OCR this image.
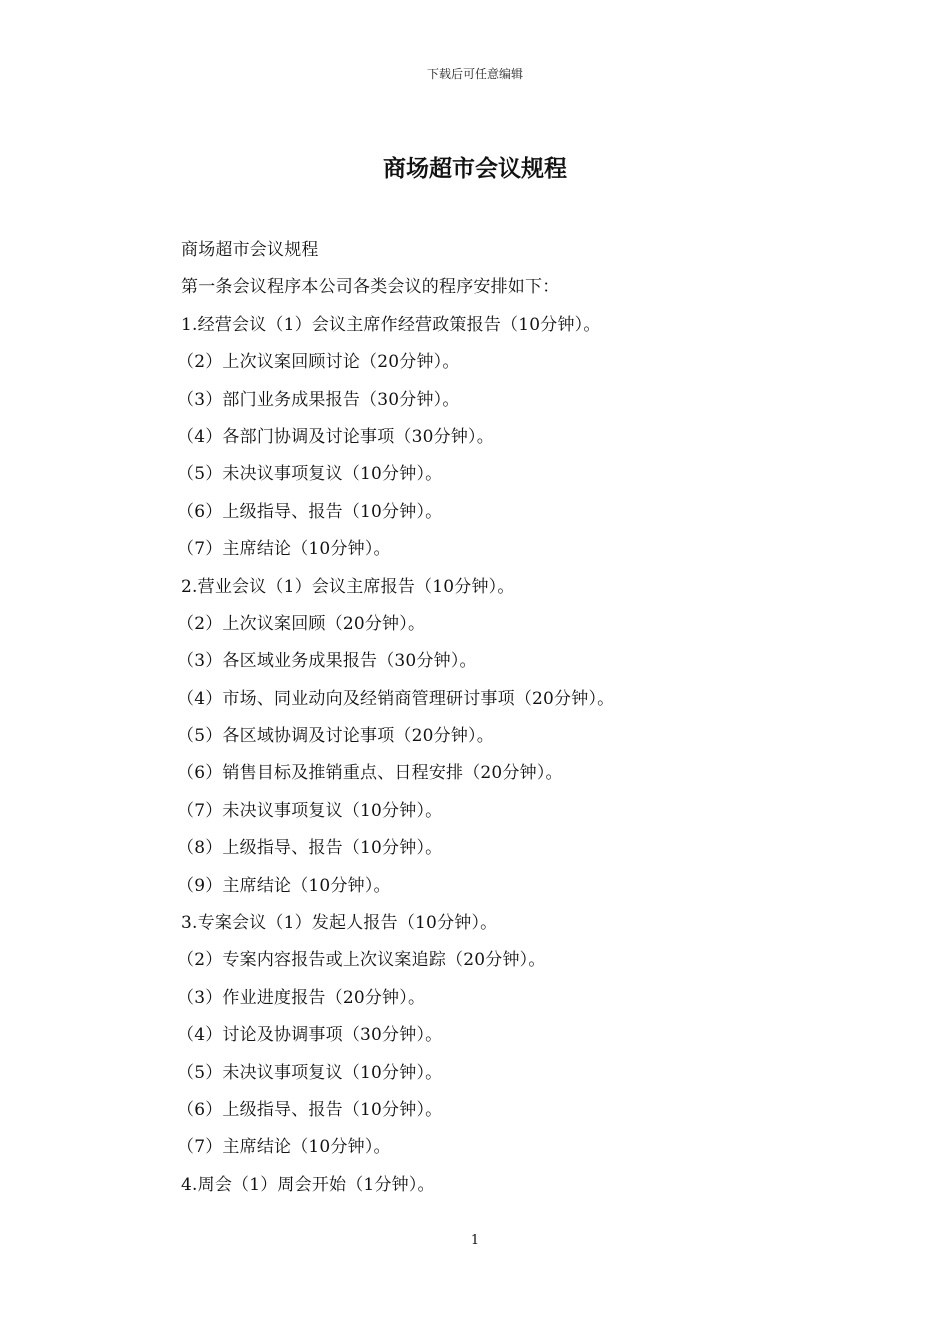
下载后可任意编辑
商场超市会议规程
商场超市会议规程
第一条会议程序本公司各类会议的程序安排如下：
1.经营会议（1）会议主席作经营政策报告（10分钟）。
（2）上次议案回顾讨论（20分钟）。
（3）部门业务成果报告（30分钟）。
（4）各部门协调及讨论事项（30分钟）。
（5）未决议事项复议（10分钟）。
（6）上级指导、报告（10分钟）。
（7）主席结论（10分钟）。
2.营业会议（1）会议主席报告（10分钟）。
（2）上次议案回顾（20分钟）。
（3）各区域业务成果报告（30分钟）。
（4）市场、同业动向及经销商管理研讨事项（20分钟）。
（5）各区域协调及讨论事项（20分钟）。
（6）销售目标及推销重点、日程安排（20分钟）。
（7）未决议事项复议（10分钟）。
（8）上级指导、报告（10分钟）。
（9）主席结论（10分钟）。
3.专案会议（1）发起人报告（10分钟）。
（2）专案内容报告或上次议案追踪（20分钟）。
（3）作业进度报告（20分钟）。
（4）讨论及协调事项（30分钟）。
（5）未决议事项复议（10分钟）。
（6）上级指导、报告（10分钟）。
（7）主席结论（10分钟）。
4.周会（1）周会开始（1分钟）。
1
